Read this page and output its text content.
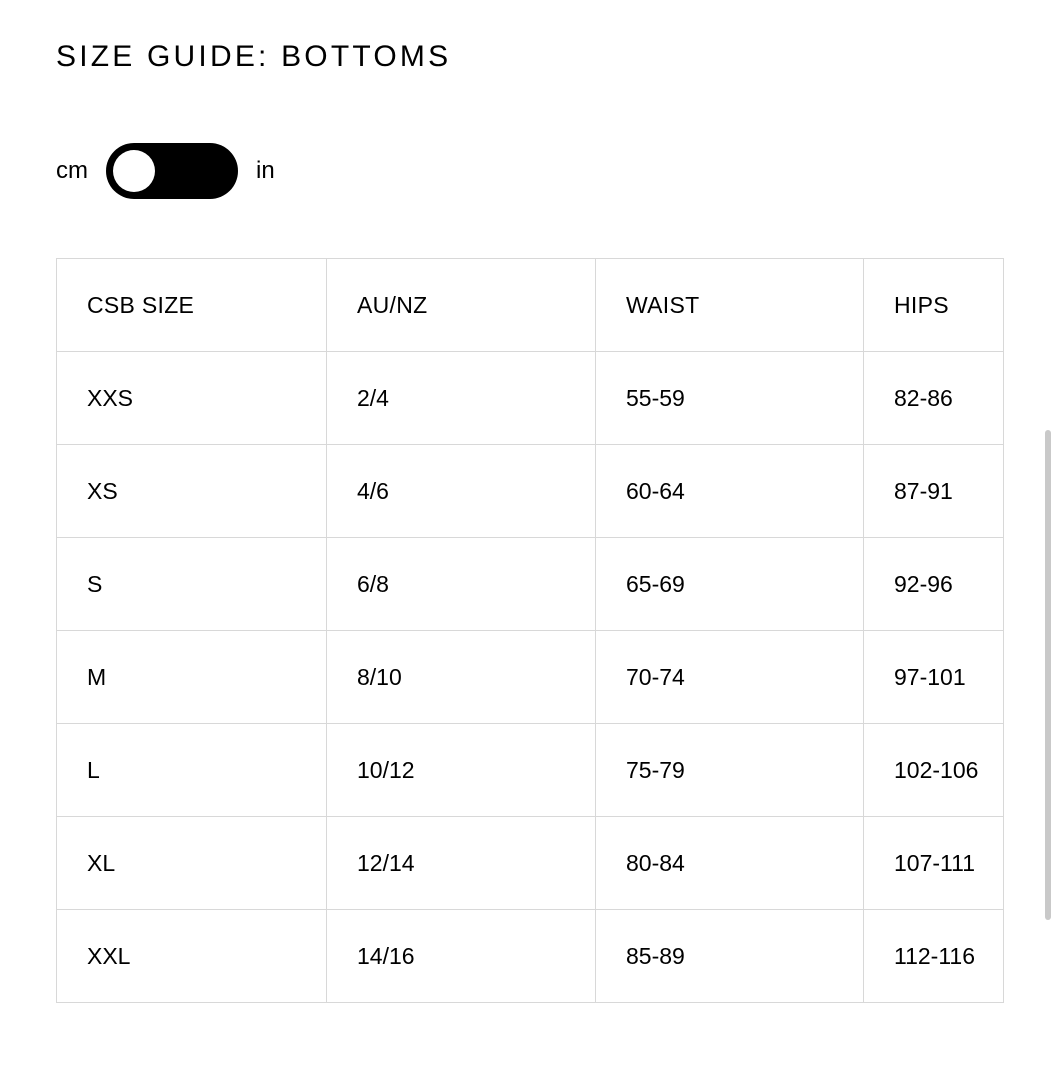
SIZE GUIDE: BOTTOMS
cm	in
CSB SIZE	AU/NZ	WAIST	HIPS
XXS	2/4	55-59	82-86
XS	4/6	60-64	87-91
S	6/8	65-69	92-96
M	8/10	70-74	97-101
L	10/12	75-79	102-106
XL	12/14	80-84	107-111
XXL	14/16	85-89	112-116
